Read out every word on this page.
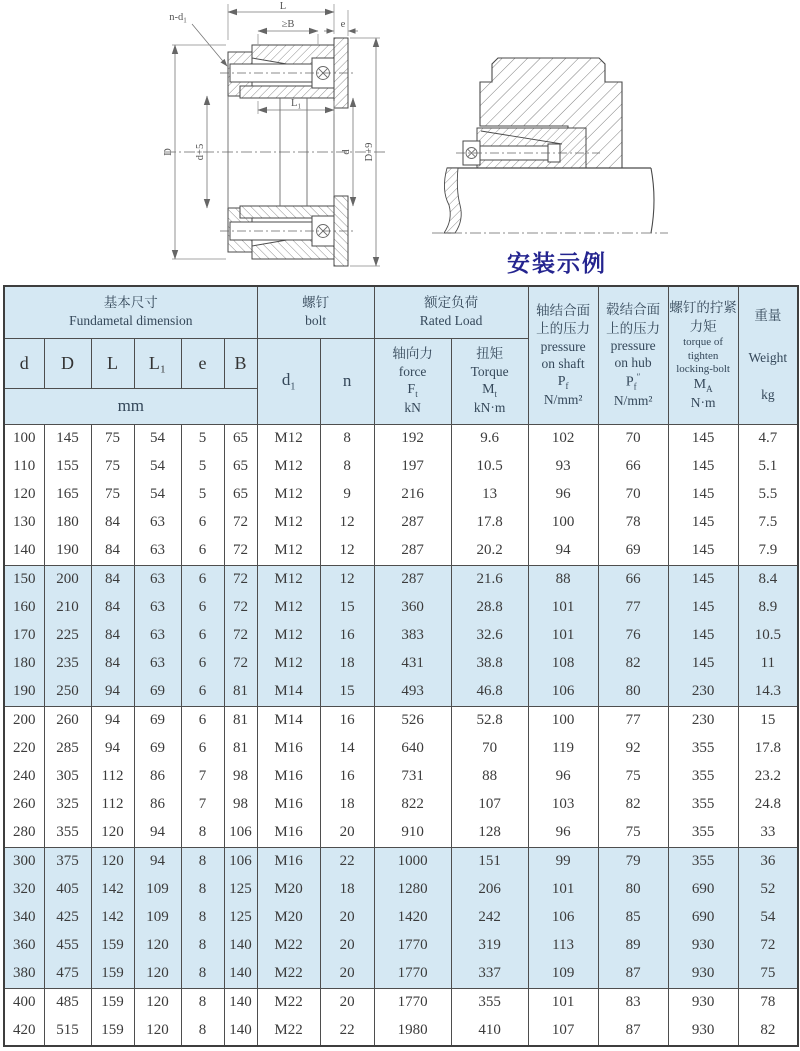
L
≥B	e
$n-d_1$
$L_1$
D d+5	d D+9
安装示例
基本尺寸
Fundametal dimension

螺钉
bolt

额定负荷
Rated Load

轴结合面
上的压力
pressure
on shaft
$P_f$
N/mm²

毂结合面
上的压力
pressure
on hub
$P_f''$
N/mm²

螺钉的拧紧
力矩
torque of
tighten
locking-bolt
$M_A$
N·m

重量
Weight
kg

d	D	L	L₁	e	B	$d_1$	n	
轴向力
force
$F_t$
kN

扭矩
Torque
$M_t$
kN·m

mm													
100	145	75	54	5	65	M12	8	192	9.6	102	70	145	4.7
110	155	75	54	5	65	M12	8	197	10.5	93	66	145	5.1
120	165	75	54	5	65	M12	9	216	13	96	70	145	5.5
130	180	84	63	6	72	M12	12	287	17.8	100	78	145	7.5
140	190	84	63	6	72	M12	12	287	20.2	94	69	145	7.9
150	200	84	63	6	72	M12	12	287	21.6	88	66	145	8.4
160	210	84	63	6	72	M12	15	360	28.8	101	77	145	8.9
170	225	84	63	6	72	M12	16	383	32.6	101	76	145	10.5
180	235	84	63	6	72	M12	18	431	38.8	108	82	145	11
190	250	94	69	6	81	M14	15	493	46.8	106	80	230	14.3
200	260	94	69	6	81	M14	16	526	52.8	100	77	230	15
220	285	94	69	6	81	M16	14	640	70	119	92	355	17.8
240	305	112	86	7	98	M16	16	731	88	96	75	355	23.2
260	325	112	86	7	98	M16	18	822	107	103	82	355	24.8
280	355	120	94	8	106	M16	20	910	128	96	75	355	33
300	375	120	94	8	106	M16	22	1000	151	99	79	355	36
320	405	142	109	8	125	M20	18	1280	206	101	80	690	52
340	425	142	109	8	125	M20	20	1420	242	106	85	690	54
360	455	159	120	8	140	M22	20	1770	319	113	89	930	72
380	475	159	120	8	140	M22	20	1770	337	109	87	930	75
400	485	159	120	8	140	M22	20	1770	355	101	83	930	78
420	515	159	120	8	140	M22	22	1980	410	107	87	930	82
